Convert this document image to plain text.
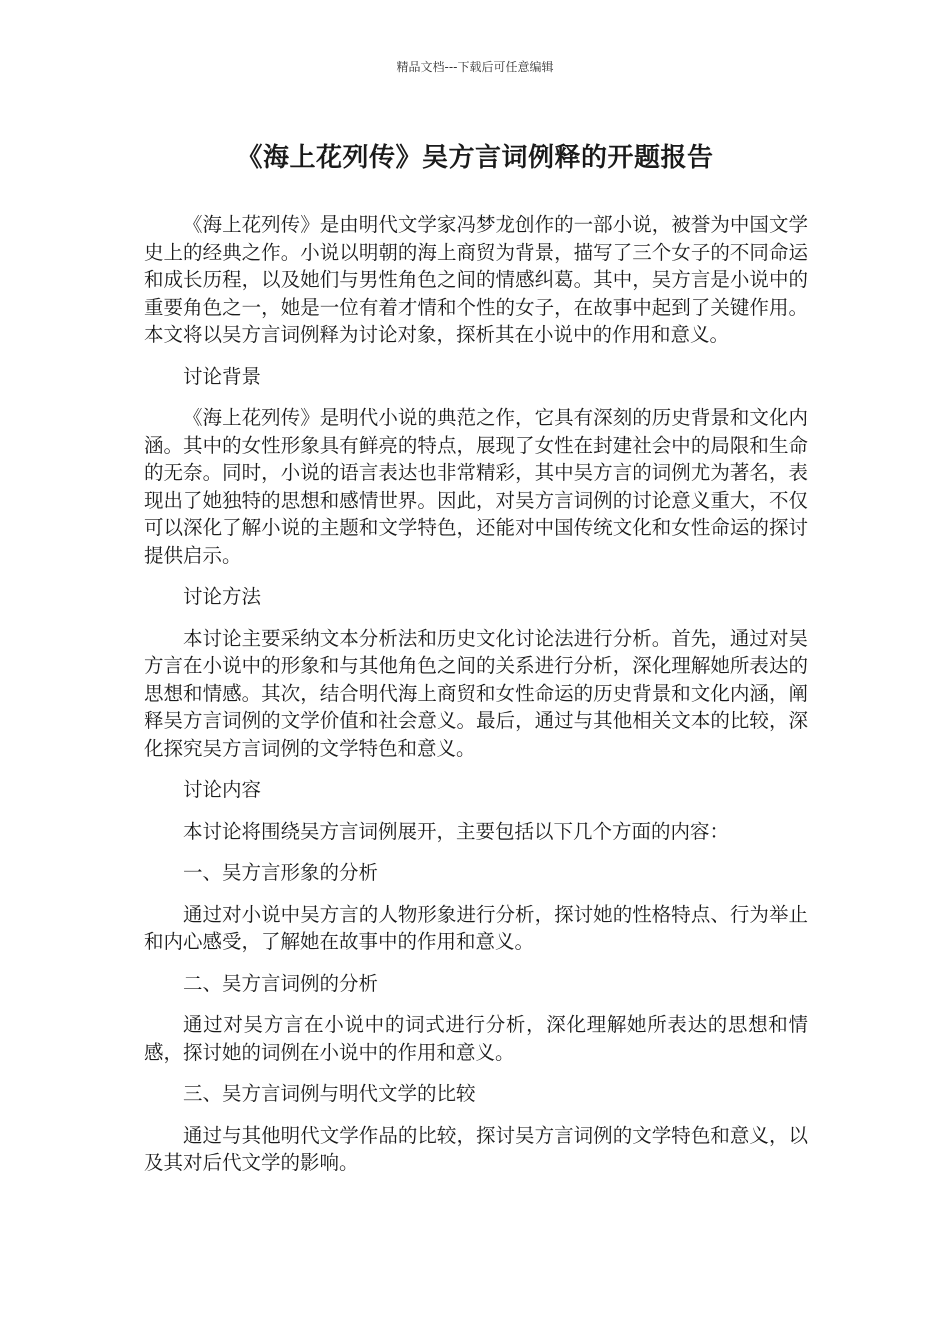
精品文档---下载后可任意编辑
《海上花列传》吴方言词例释的开题报告

《海上花列传》是由明代文学家冯梦龙创作的一部小说，被誉为中国文学史上的经典之作。小说以明朝的海上商贸为背景，描写了三个女子的不同命运和成长历程，以及她们与男性角色之间的情感纠葛。其中，吴方言是小说中的重要角色之一，她是一位有着才情和个性的女子，在故事中起到了关键作用。本文将以吴方言词例释为讨论对象，探析其在小说中的作用和意义。

讨论背景

《海上花列传》是明代小说的典范之作，它具有深刻的历史背景和文化内涵。其中的女性形象具有鲜亮的特点，展现了女性在封建社会中的局限和生命的无奈。同时，小说的语言表达也非常精彩，其中吴方言的词例尤为著名，表现出了她独特的思想和感情世界。因此，对吴方言词例的讨论意义重大，不仅可以深化了解小说的主题和文学特色，还能对中国传统文化和女性命运的探讨提供启示。

讨论方法

本讨论主要采纳文本分析法和历史文化讨论法进行分析。首先，通过对吴方言在小说中的形象和与其他角色之间的关系进行分析，深化理解她所表达的思想和情感。其次，结合明代海上商贸和女性命运的历史背景和文化内涵，阐释吴方言词例的文学价值和社会意义。最后，通过与其他相关文本的比较，深化探究吴方言词例的文学特色和意义。

讨论内容

本讨论将围绕吴方言词例展开，主要包括以下几个方面的内容：

一、吴方言形象的分析

通过对小说中吴方言的人物形象进行分析，探讨她的性格特点、行为举止和内心感受，了解她在故事中的作用和意义。

二、吴方言词例的分析

通过对吴方言在小说中的词式进行分析，深化理解她所表达的思想和情感，探讨她的词例在小说中的作用和意义。

三、吴方言词例与明代文学的比较

通过与其他明代文学作品的比较，探讨吴方言词例的文学特色和意义，以及其对后代文学的影响。
